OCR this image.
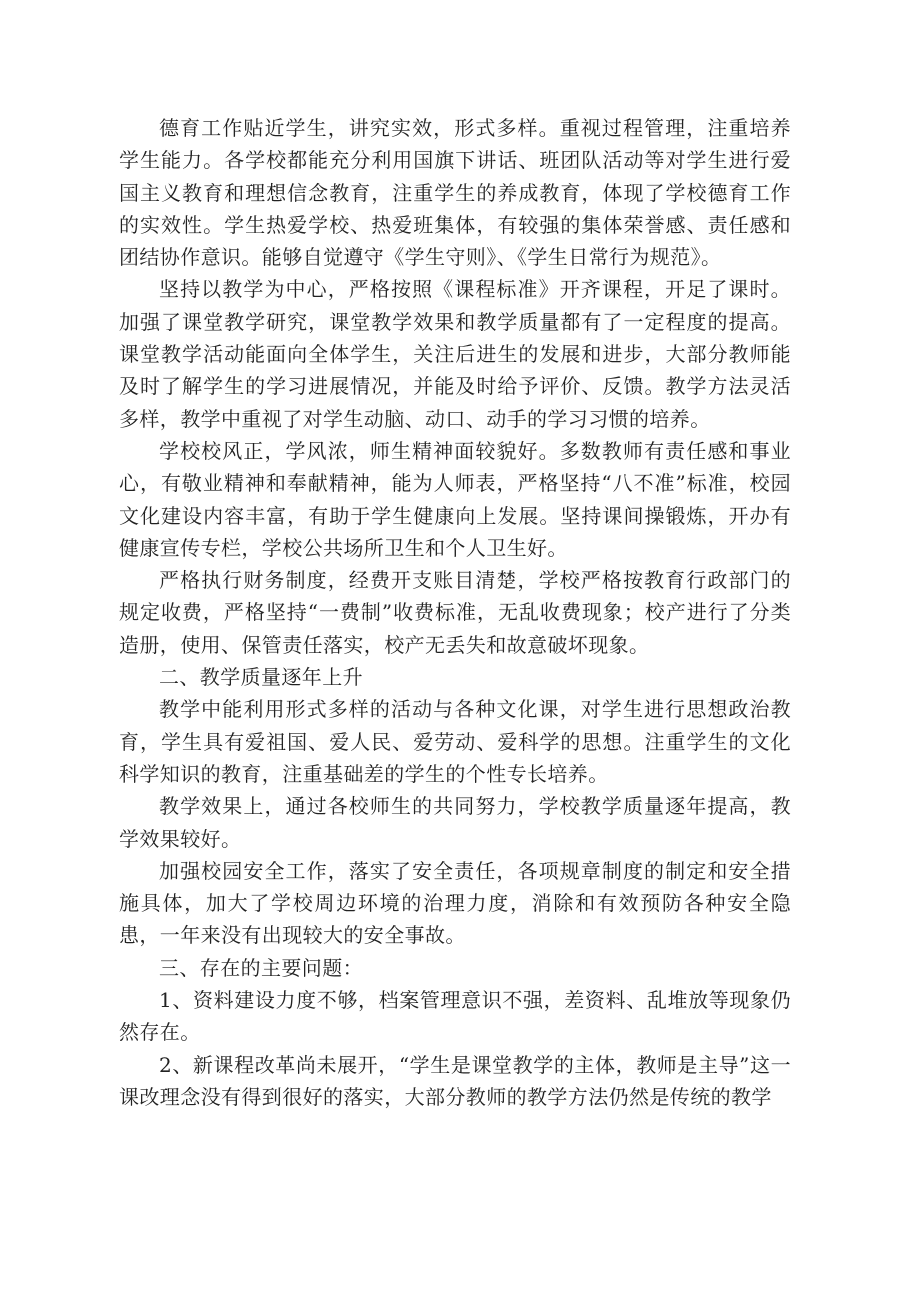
德育工作贴近学生，讲究实效，形式多样。重视过程管理，注重培养学生能力。各学校都能充分利用国旗下讲话、班团队活动等对学生进行爱国主义教育和理想信念教育，注重学生的养成教育，体现了学校德育工作的实效性。学生热爱学校、热爱班集体，有较强的集体荣誉感、责任感和团结协作意识。能够自觉遵守《学生守则》、《学生日常行为规范》。

坚持以教学为中心，严格按照《课程标准》开齐课程，开足了课时。加强了课堂教学研究，课堂教学效果和教学质量都有了一定程度的提高。课堂教学活动能面向全体学生，关注后进生的发展和进步，大部分教师能及时了解学生的学习进展情况，并能及时给予评价、反馈。教学方法灵活多样，教学中重视了对学生动脑、动口、动手的学习习惯的培养。

学校校风正，学风浓，师生精神面较貌好。多数教师有责任感和事业心，有敬业精神和奉献精神，能为人师表，严格坚持“八不准”标准，校园文化建设内容丰富，有助于学生健康向上发展。坚持课间操锻炼，开办有健康宣传专栏，学校公共场所卫生和个人卫生好。

严格执行财务制度，经费开支账目清楚，学校严格按教育行政部门的规定收费，严格坚持“一费制”收费标准，无乱收费现象；校产进行了分类造册，使用、保管责任落实，校产无丢失和故意破坏现象。

二、教学质量逐年上升

教学中能利用形式多样的活动与各种文化课，对学生进行思想政治教育，学生具有爱祖国、爱人民、爱劳动、爱科学的思想。注重学生的文化科学知识的教育，注重基础差的学生的个性专长培养。

教学效果上，通过各校师生的共同努力，学校教学质量逐年提高，教学效果较好。

加强校园安全工作，落实了安全责任，各项规章制度的制定和安全措施具体，加大了学校周边环境的治理力度，消除和有效预防各种安全隐患，一年来没有出现较大的安全事故。

三、存在的主要问题：

1、资料建设力度不够，档案管理意识不强，差资料、乱堆放等现象仍然存在。

2、新课程改革尚未展开，“学生是课堂教学的主体，教师是主导”这一课改理念没有得到很好的落实，大部分教师的教学方法仍然是传统的教学
